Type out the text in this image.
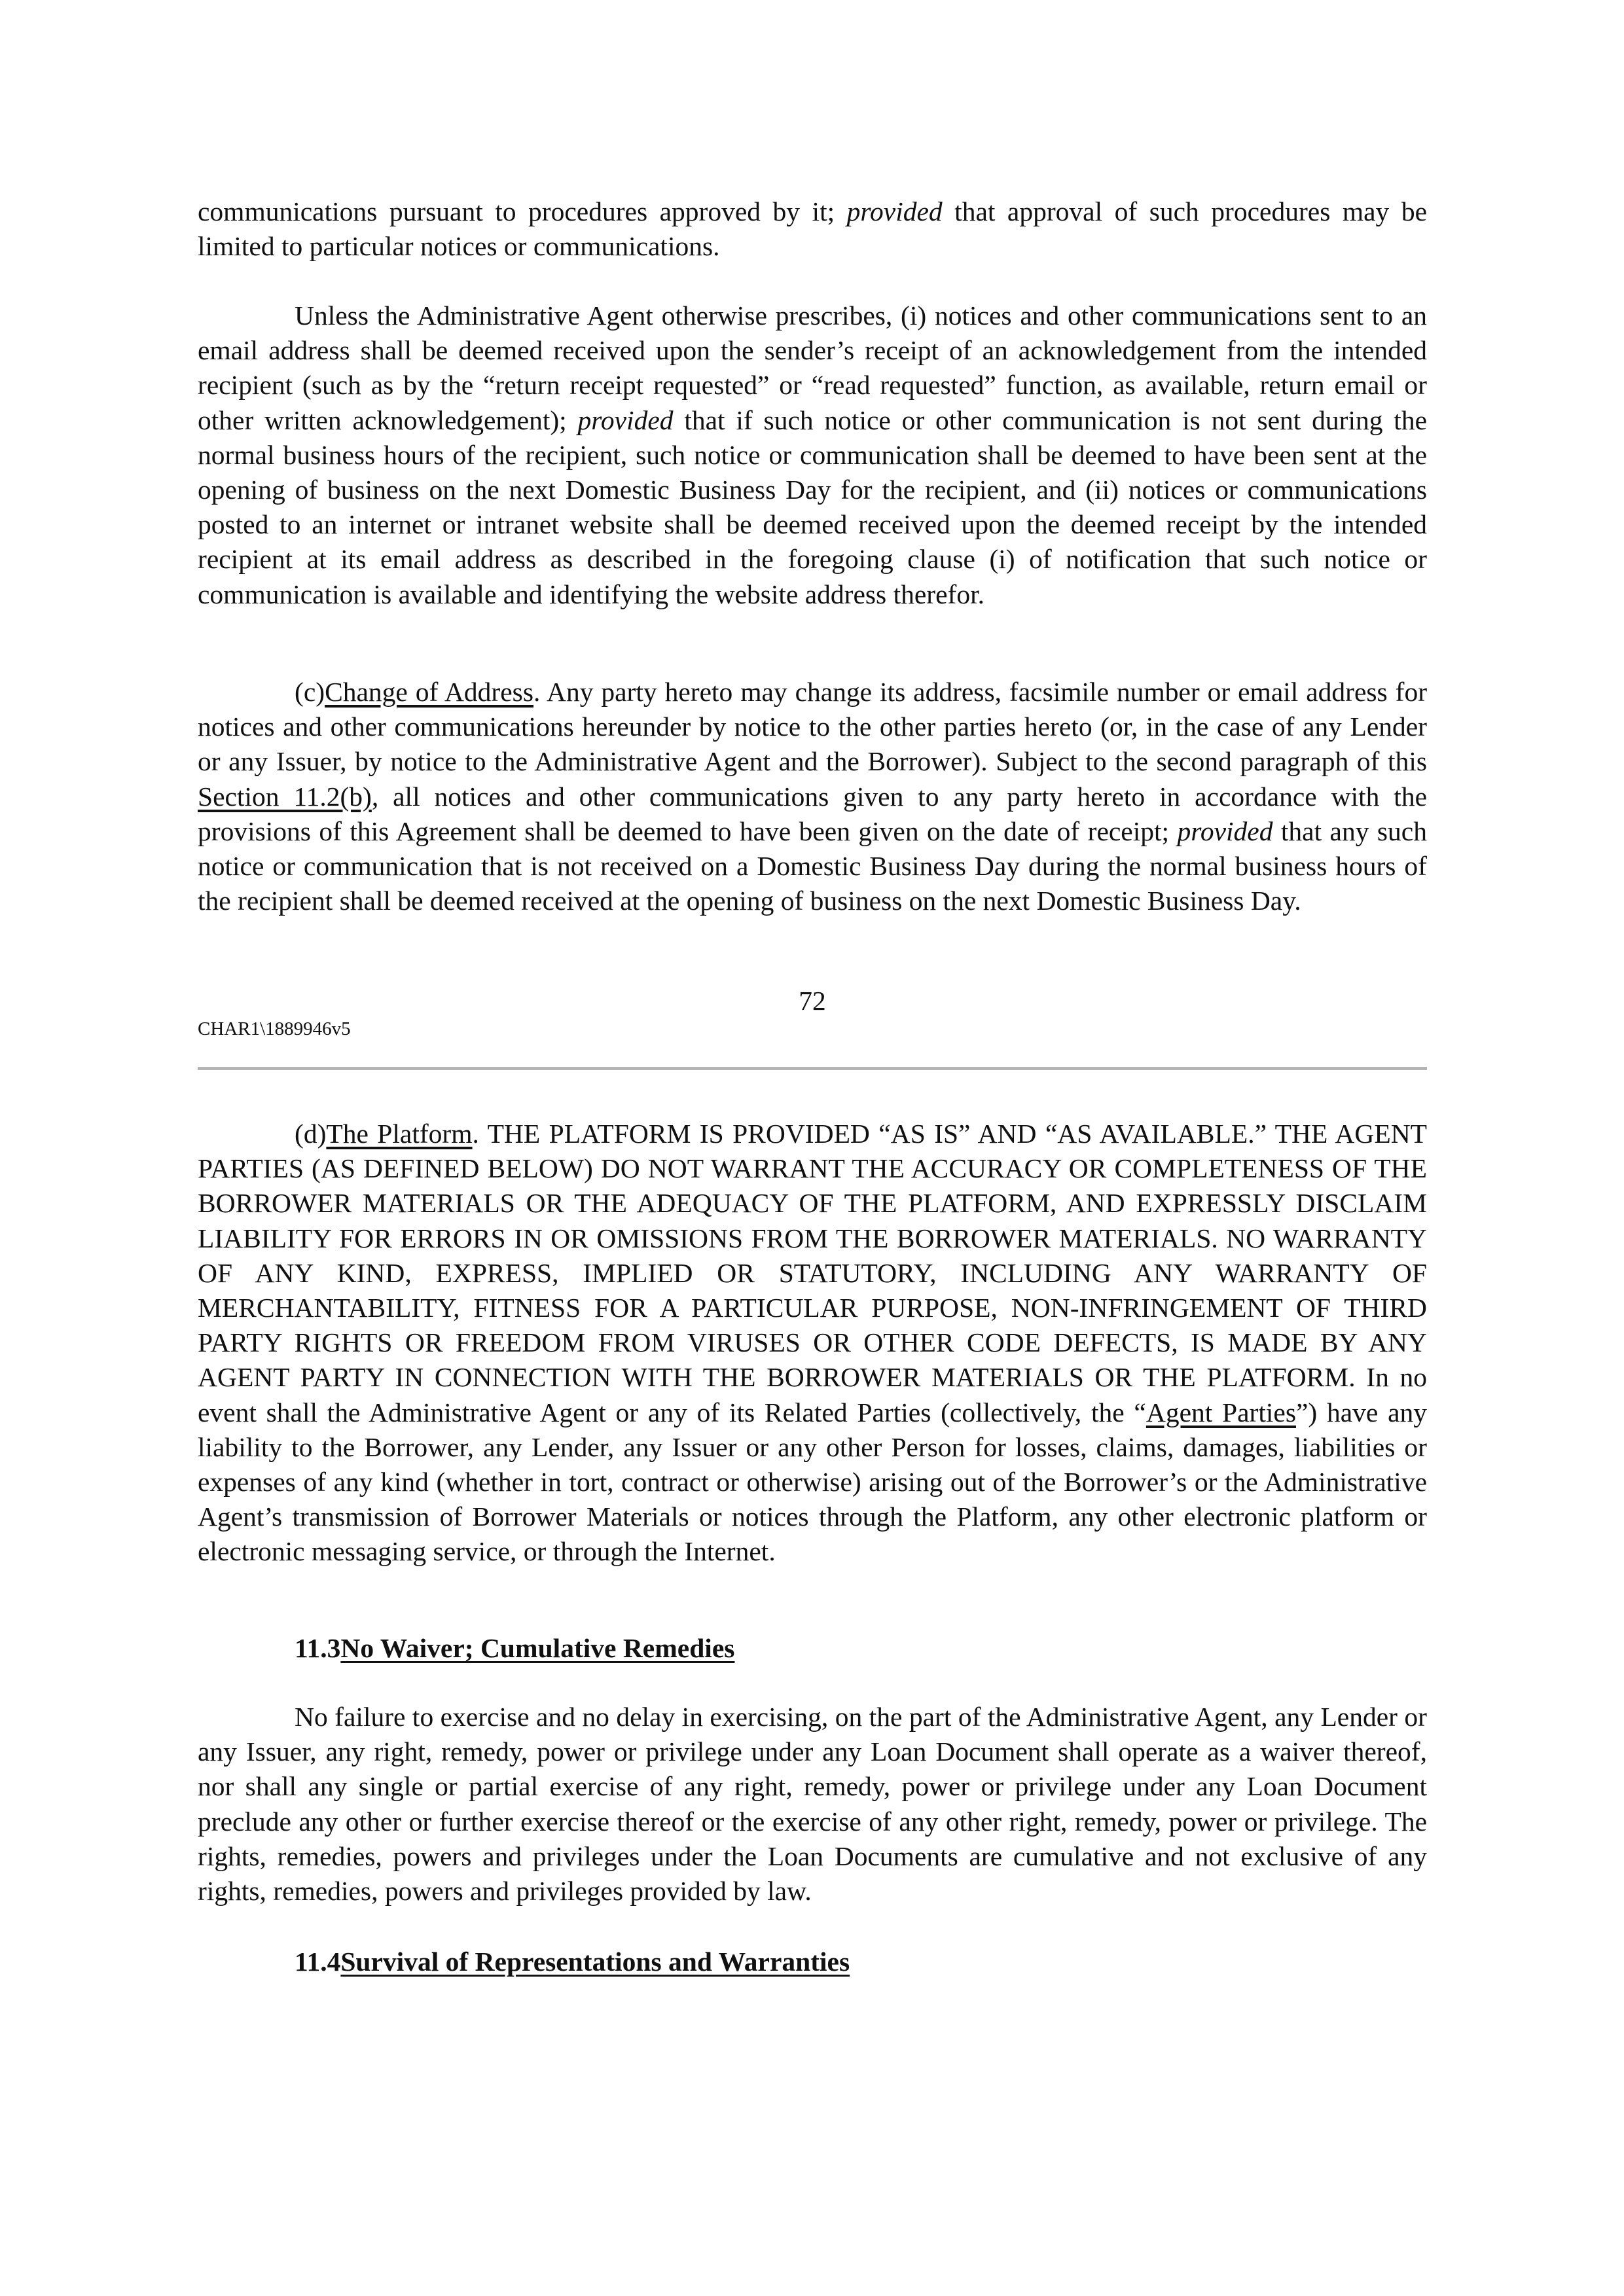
communications pursuant to procedures approved by it; provided that approval of such procedures may be limited to particular notices or communications.

Unless the Administrative Agent otherwise prescribes, (i) notices and other communications sent to an email address shall be deemed received upon the sender’s receipt of an acknowledgement from the intended recipient (such as by the “return receipt requested” or “read requested” function, as available, return email or other written acknowledgement); provided that if such notice or other communication is not sent during the normal business hours of the recipient, such notice or communication shall be deemed to have been sent at the opening of business on the next Domestic Business Day for the recipient, and (ii) notices or communications posted to an internet or intranet website shall be deemed received upon the deemed receipt by the intended recipient at its email address as described in the foregoing clause (i) of notification that such notice or communication is available and identifying the website address therefor.

(c)Change of Address. Any party hereto may change its address, facsimile number or email address for notices and other communications hereunder by notice to the other parties hereto (or, in the case of any Lender or any Issuer, by notice to the Administrative Agent and the Borrower). Subject to the second paragraph of this Section 11.2(b), all notices and other communications given to any party hereto in accordance with the provisions of this Agreement shall be deemed to have been given on the date of receipt; provided that any such notice or communication that is not received on a Domestic Business Day during the normal business hours of the recipient shall be deemed received at the opening of business on the next Domestic Business Day.

72
CHAR1\1889946v5

(d)The Platform. THE PLATFORM IS PROVIDED “AS IS” AND “AS AVAILABLE.” THE AGENT PARTIES (AS DEFINED BELOW) DO NOT WARRANT THE ACCURACY OR COMPLETENESS OF THE BORROWER MATERIALS OR THE ADEQUACY OF THE PLATFORM, AND EXPRESSLY DISCLAIM LIABILITY FOR ERRORS IN OR OMISSIONS FROM THE BORROWER MATERIALS. NO WARRANTY OF ANY KIND, EXPRESS, IMPLIED OR STATUTORY, INCLUDING ANY WARRANTY OF MERCHANTABILITY, FITNESS FOR A PARTICULAR PURPOSE, NON-INFRINGEMENT OF THIRD PARTY RIGHTS OR FREEDOM FROM VIRUSES OR OTHER CODE DEFECTS, IS MADE BY ANY AGENT PARTY IN CONNECTION WITH THE BORROWER MATERIALS OR THE PLATFORM. In no event shall the Administrative Agent or any of its Related Parties (collectively, the “Agent Parties”) have any liability to the Borrower, any Lender, any Issuer or any other Person for losses, claims, damages, liabilities or expenses of any kind (whether in tort, contract or otherwise) arising out of the Borrower’s or the Administrative Agent’s transmission of Borrower Materials or notices through the Platform, any other electronic platform or electronic messaging service, or through the Internet.

11.3No Waiver; Cumulative Remedies

No failure to exercise and no delay in exercising, on the part of the Administrative Agent, any Lender or any Issuer, any right, remedy, power or privilege under any Loan Document shall operate as a waiver thereof, nor shall any single or partial exercise of any right, remedy, power or privilege under any Loan Document preclude any other or further exercise thereof or the exercise of any other right, remedy, power or privilege. The rights, remedies, powers and privileges under the Loan Documents are cumulative and not exclusive of any rights, remedies, powers and privileges provided by law.

11.4Survival of Representations and Warranties
